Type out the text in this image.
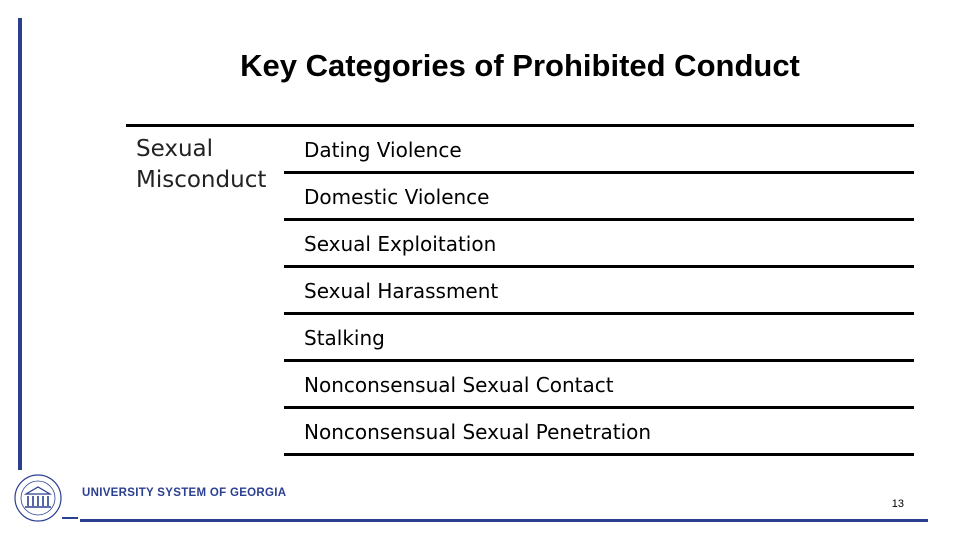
Key Categories of Prohibited Conduct
Sexual
Misconduct
Dating Violence
Domestic Violence
Sexual Exploitation
Sexual Harassment
Stalking
Nonconsensual Sexual Contact
Nonconsensual Sexual Penetration
UNIVERSITY SYSTEM OF GEORGIA
13
